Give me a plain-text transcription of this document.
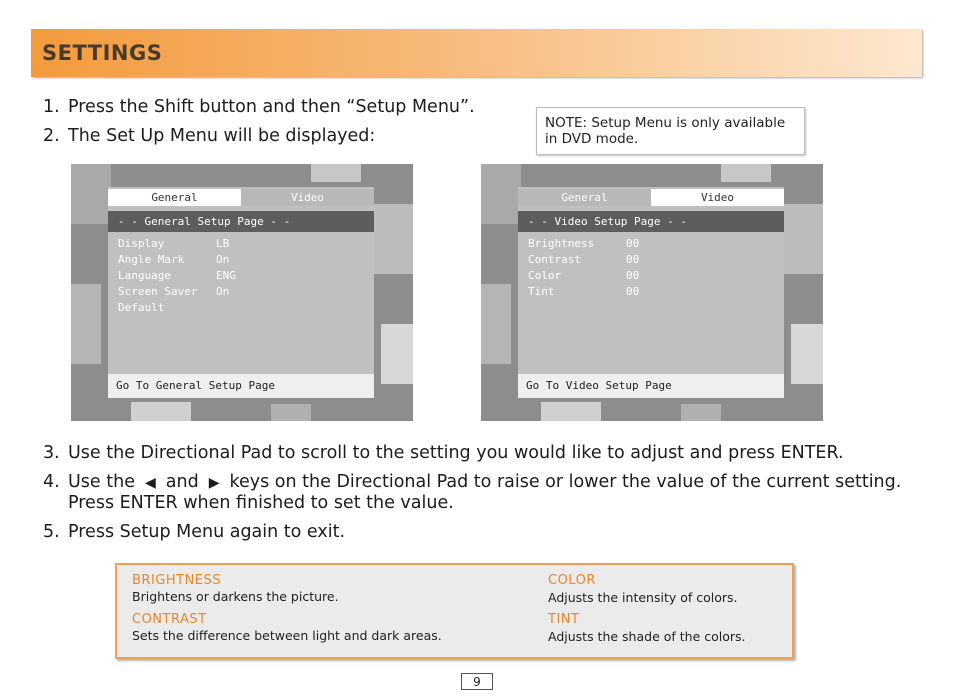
SETTINGS
1. Press the Shift button and then “Setup Menu”.
2. The Set Up Menu will be displayed:
NOTE: Setup Menu is only available in DVD mode.
General	Video
- - General Setup Page - -
Display	LB
Angle Mark	On
Language	ENG
Screen Saver On
Default
Go To General Setup Page
General	Video
- - Video Setup Page - -
Brightness	00
Contrast	00
Color	00
Tint	00
Go To Video Setup Page
3. Use the Directional Pad to scroll to the setting you would like to adjust and press ENTER.
4. Use the ◀ and ▶ keys on the Directional Pad to raise or lower the value of the current setting.
Press ENTER when finished to set the value.
5. Press Setup Menu again to exit.
BRIGHTNESS
Brightens or darkens the picture.
CONTRAST
Sets the difference between light and dark areas.
COLOR
Adjusts the intensity of colors.
TINT
Adjusts the shade of the colors.
9
